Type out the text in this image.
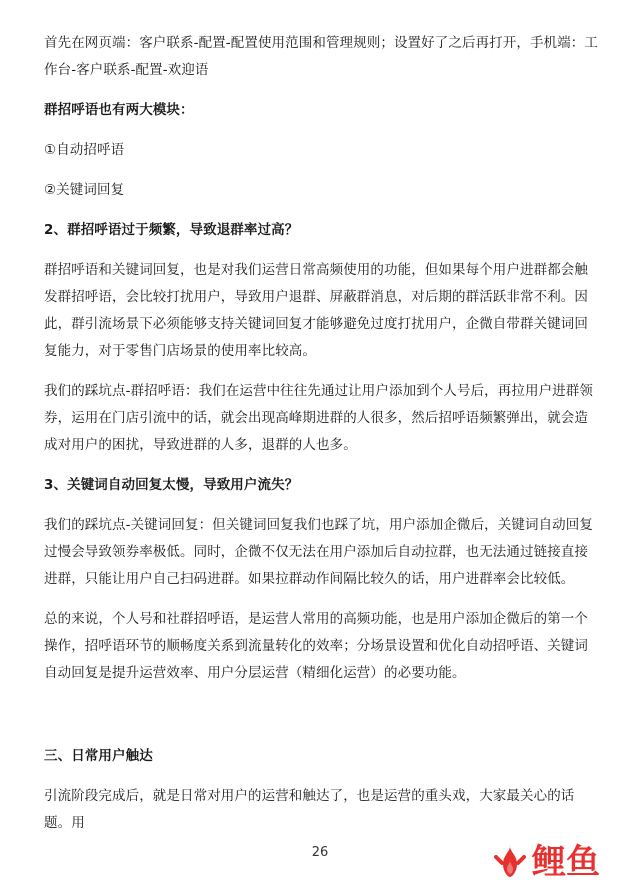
首先在网页端：客户联系-配置-配置使用范围和管理规则；设置好了之后再打开，手机端：工作台-客户联系-配置-欢迎语

群招呼语也有两大模块：

①自动招呼语

②关键词回复

2、群招呼语过于频繁，导致退群率过高？

群招呼语和关键词回复，也是对我们运营日常高频使用的功能，但如果每个用户进群都会触发群招呼语，会比较打扰用户，导致用户退群、屏蔽群消息，对后期的群活跃非常不利。因此，群引流场景下必须能够支持关键词回复才能够避免过度打扰用户，企微自带群关键词回复能力，对于零售门店场景的使用率比较高。

我们的踩坑点-群招呼语：我们在运营中往往先通过让用户添加到个人号后，再拉用户进群领券，运用在门店引流中的话，就会出现高峰期进群的人很多，然后招呼语频繁弹出，就会造成对用户的困扰，导致进群的人多，退群的人也多。

3、关键词自动回复太慢，导致用户流失？

我们的踩坑点-关键词回复：但关键词回复我们也踩了坑，用户添加企微后，关键词自动回复过慢会导致领券率极低。同时，企微不仅无法在用户添加后自动拉群，也无法通过链接直接进群，只能让用户自己扫码进群。如果拉群动作间隔比较久的话，用户进群率会比较低。

总的来说，个人号和社群招呼语，是运营人常用的高频功能，也是用户添加企微后的第一个操作，招呼语环节的顺畅度关系到流量转化的效率；分场景设置和优化自动招呼语、关键词自动回复是提升运营效率、用户分层运营（精细化运营）的必要功能。

三、日常用户触达

引流阶段完成后，就是日常对用户的运营和触达了，也是运营的重头戏，大家最关心的话题。用

26	鲤鱼
